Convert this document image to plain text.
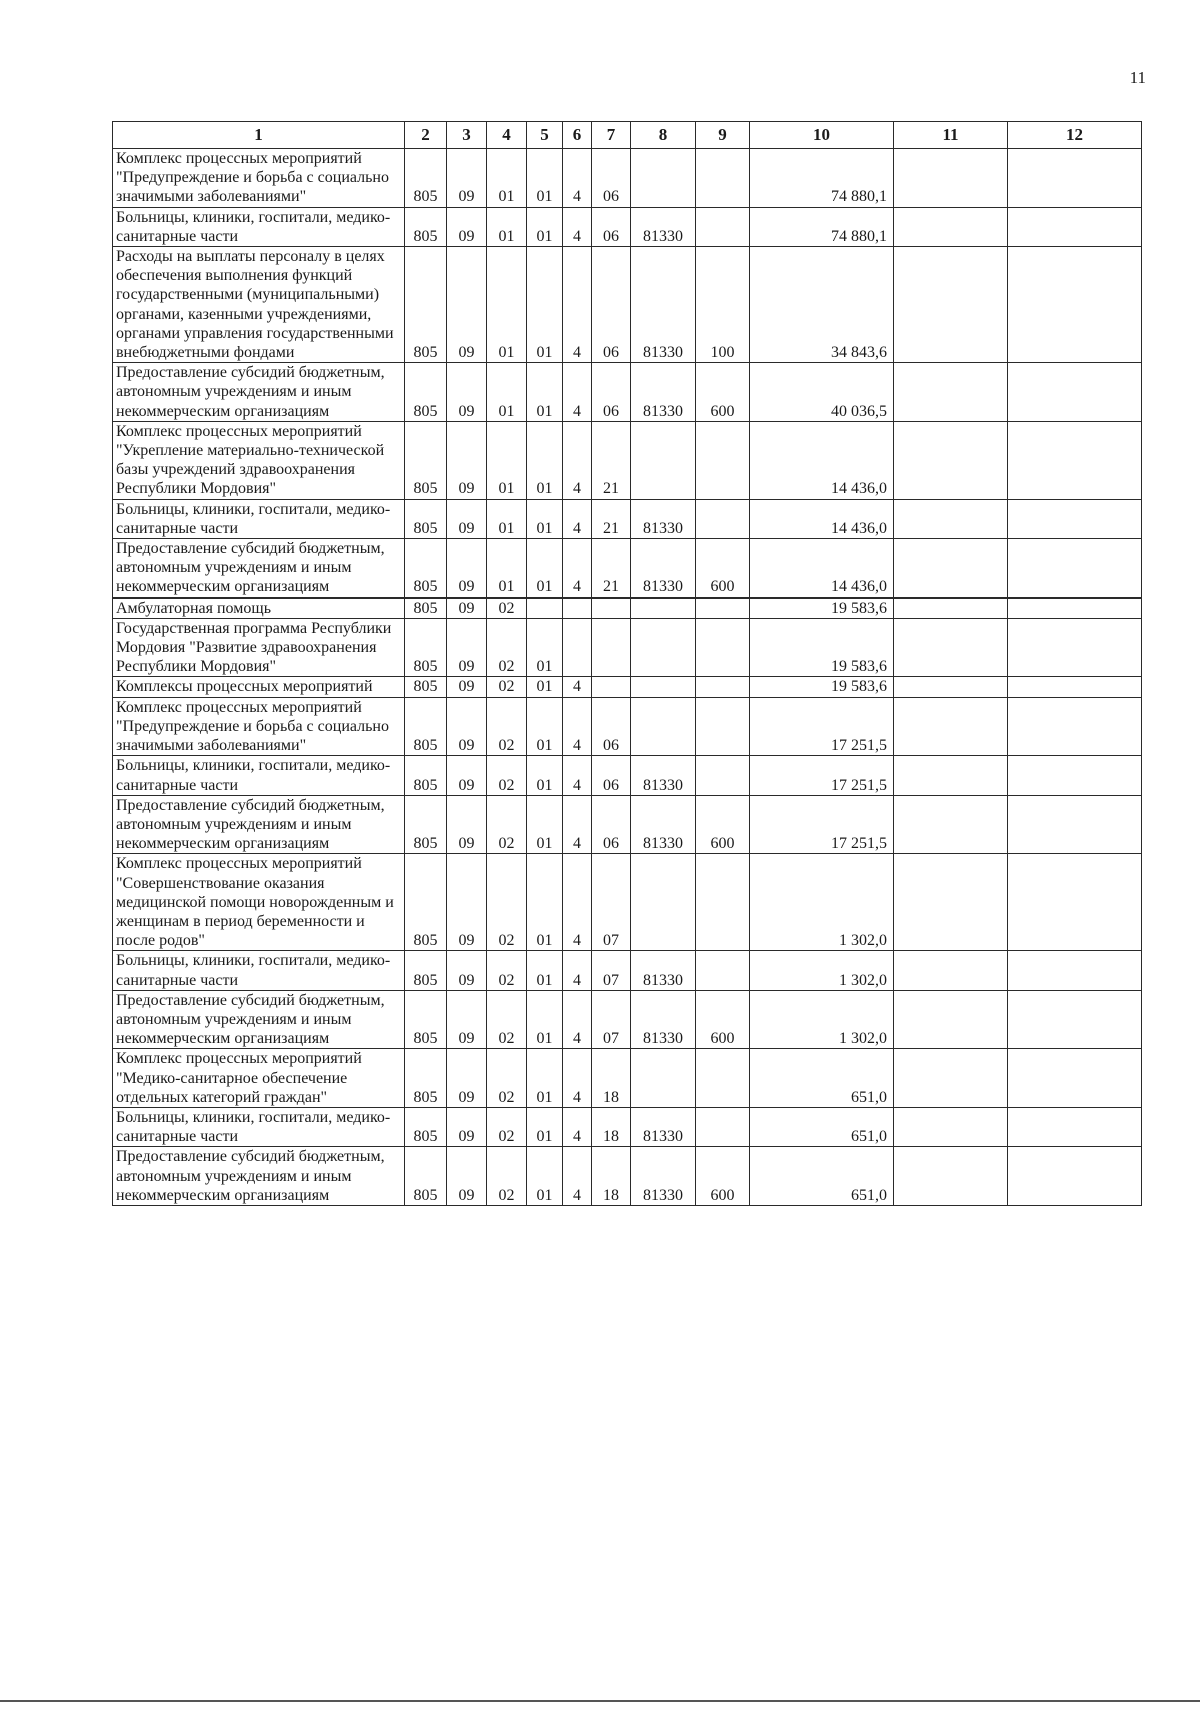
11
1	2	3	4	5	6	7	8	9	10	11	12
Комплекс процессных мероприятий "Предупреждение и борьба с социально значимыми заболеваниями"	805	09	01	01	4	06			74 880,1		
Больницы, клиники, госпитали, медико-санитарные части	805	09	01	01	4	06	81330		74 880,1		
Расходы на выплаты персоналу в целях обеспечения выполнения функций государственными (муниципальными) органами, казенными учреждениями, органами управления государственными внебюджетными фондами	805	09	01	01	4	06	81330	100	34 843,6		
Предоставление субсидий бюджетным, автономным учреждениям и иным некоммерческим организациям	805	09	01	01	4	06	81330	600	40 036,5		
Комплекс процессных мероприятий "Укрепление материально-технической базы учреждений здравоохранения Республики Мордовия"	805	09	01	01	4	21			14 436,0		
Больницы, клиники, госпитали, медико-санитарные части	805	09	01	01	4	21	81330		14 436,0		
Предоставление субсидий бюджетным, автономным учреждениям и иным некоммерческим организациям	805	09	01	01	4	21	81330	600	14 436,0		
Амбулаторная помощь	805	09	02						19 583,6		
Государственная программа Республики Мордовия "Развитие здравоохранения Республики Мордовия"	805	09	02	01					19 583,6		
Комплексы процессных мероприятий	805	09	02	01	4				19 583,6		
Комплекс процессных мероприятий "Предупреждение и борьба с социально значимыми заболеваниями"	805	09	02	01	4	06			17 251,5		
Больницы, клиники, госпитали, медико-санитарные части	805	09	02	01	4	06	81330		17 251,5		
Предоставление субсидий бюджетным, автономным учреждениям и иным некоммерческим организациям	805	09	02	01	4	06	81330	600	17 251,5		
Комплекс процессных мероприятий "Совершенствование оказания медицинской помощи новорожденным и женщинам в период беременности и после родов"	805	09	02	01	4	07			1 302,0		
Больницы, клиники, госпитали, медико-санитарные части	805	09	02	01	4	07	81330		1 302,0		
Предоставление субсидий бюджетным, автономным учреждениям и иным некоммерческим организациям	805	09	02	01	4	07	81330	600	1 302,0		
Комплекс процессных мероприятий "Медико-санитарное обеспечение отдельных категорий граждан"	805	09	02	01	4	18			651,0		
Больницы, клиники, госпитали, медико-санитарные части	805	09	02	01	4	18	81330		651,0		
Предоставление субсидий бюджетным, автономным учреждениям и иным некоммерческим организациям	805	09	02	01	4	18	81330	600	651,0		
